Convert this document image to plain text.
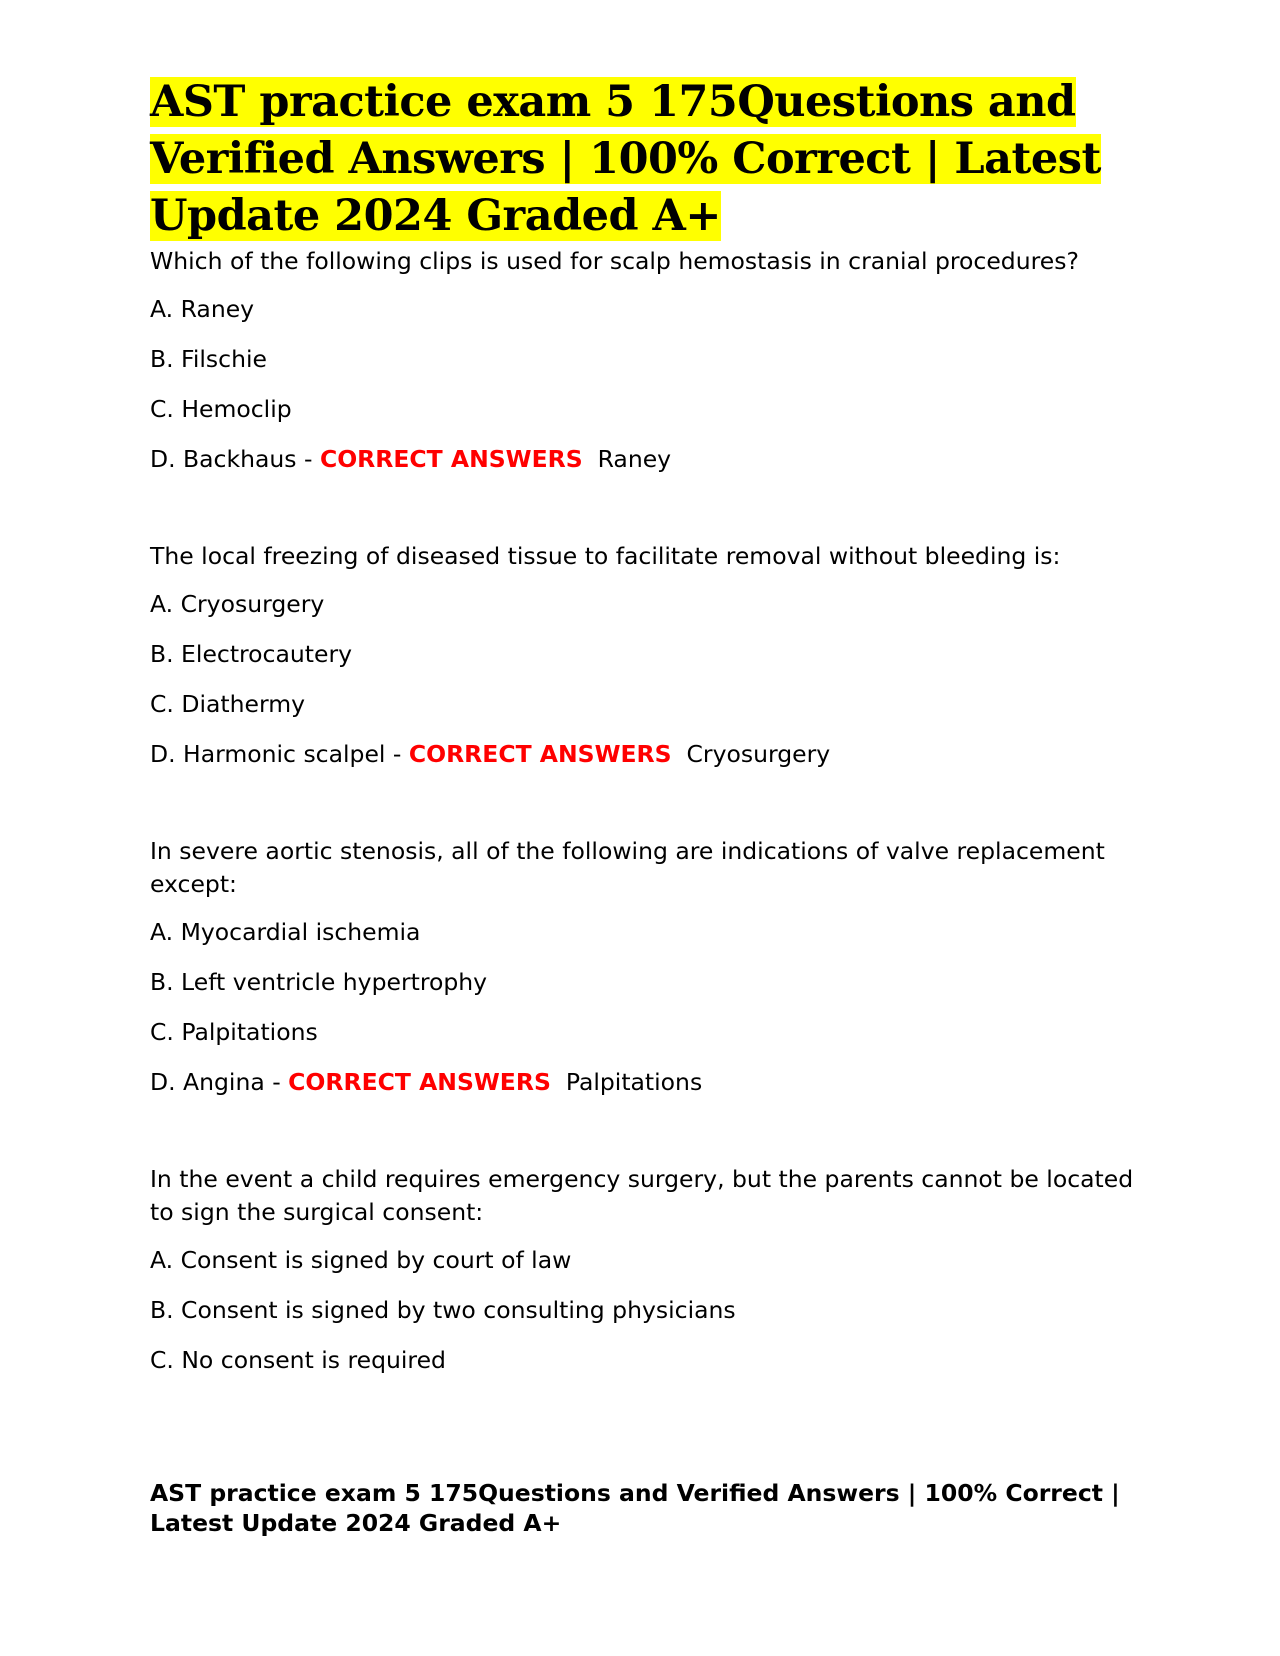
AST practice exam 5 175Questions and Verified Answers | 100% Correct | Latest Update 2024 Graded A+

Which of the following clips is used for scalp hemostasis in cranial procedures?

A. Raney

B. Filschie

C. Hemoclip

D. Backhaus - CORRECT ANSWERS Raney

The local freezing of diseased tissue to facilitate removal without bleeding is:

A. Cryosurgery

B. Electrocautery

C. Diathermy

D. Harmonic scalpel - CORRECT ANSWERS Cryosurgery

In severe aortic stenosis, all of the following are indications of valve replacement except:

A. Myocardial ischemia

B. Left ventricle hypertrophy

C. Palpitations

D. Angina - CORRECT ANSWERS Palpitations

In the event a child requires emergency surgery, but the parents cannot be located to sign the surgical consent:

A. Consent is signed by court of law

B. Consent is signed by two consulting physicians

C. No consent is required

AST practice exam 5 175Questions and Verified Answers | 100% Correct | Latest Update 2024 Graded A+
